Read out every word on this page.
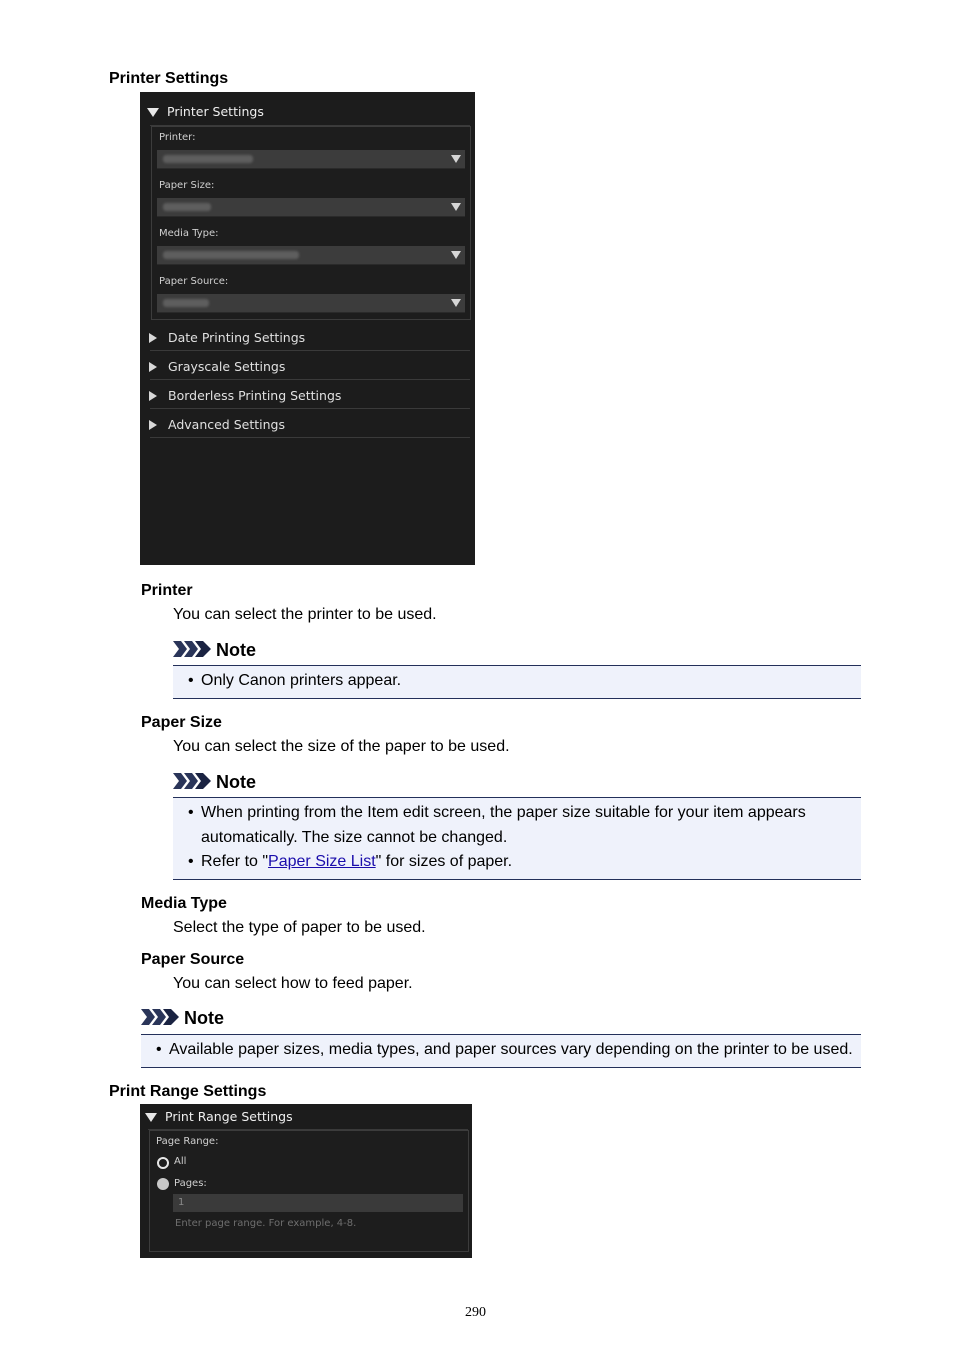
Printer Settings
Printer Settings
Printer:
Paper Size:
Media Type:
Paper Source:
Date Printing Settings
Grayscale Settings
Borderless Printing Settings
Advanced Settings
Printer
You can select the printer to be used.
Note
• Only Canon printers appear.
Paper Size
You can select the size of the paper to be used.
Note
• When printing from the Item edit screen, the paper size suitable for your item appears
automatically. The size cannot be changed.
• Refer to "Paper Size List" for sizes of paper.
Media Type
Select the type of paper to be used.
Paper Source
You can select how to feed paper.
Note
• Available paper sizes, media types, and paper sources vary depending on the printer to be used.
Print Range Settings
Print Range Settings
Page Range:
All
Pages:
1
Enter page range. For example, 4-8.
290
